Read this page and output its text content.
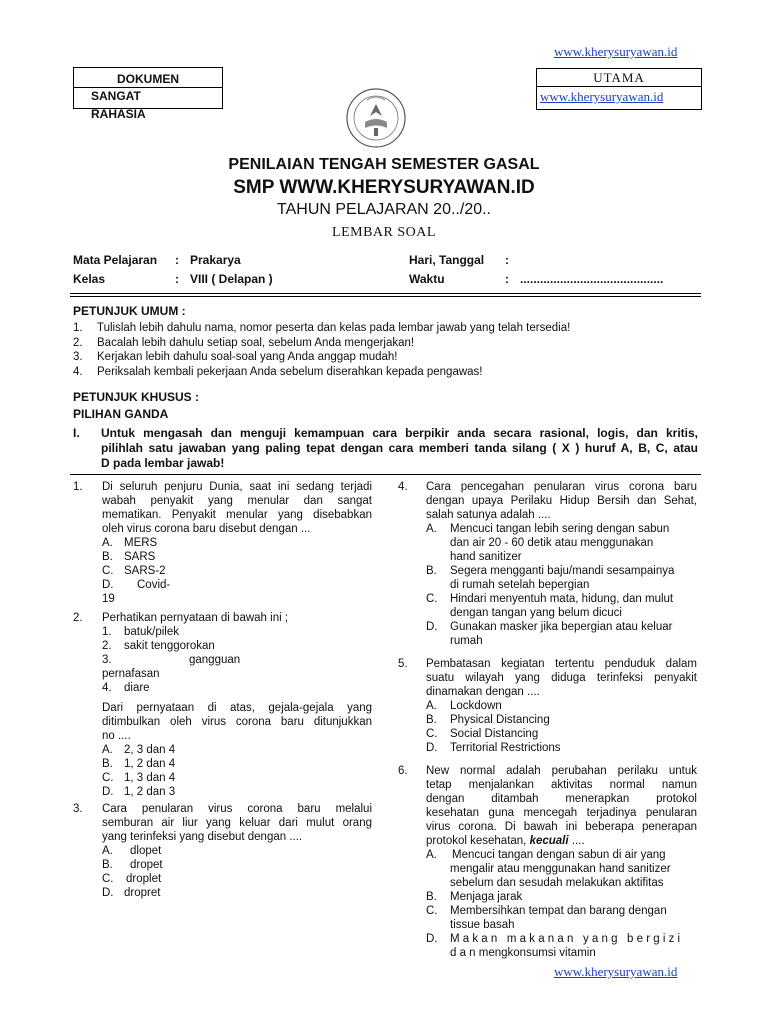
www.kherysuryawan.id
DOKUMEN
SANGAT
RAHASIA
UTAMA
www.kherysuryawan.id
PENILAIAN TENGAH SEMESTER GASAL
SMP WWW.KHERYSURYAWAN.ID
TAHUN PELAJARAN 20../20..
LEMBAR SOAL
Mata Pelajaran : Prakarya
Kelas	: VIII ( Delapan )
Hari, Tanggal :
Waktu	: ...........................................
PETUNJUK UMUM :
1. Tulislah lebih dahulu nama, nomor peserta dan kelas pada lembar jawab yang telah tersedia!
2. Bacalah lebih dahulu setiap soal, sebelum Anda mengerjakan!
3. Kerjakan lebih dahulu soal-soal yang Anda anggap mudah!
4. Periksalah kembali pekerjaan Anda sebelum diserahkan kepada pengawas!
PETUNJUK KHUSUS :
PILIHAN GANDA
I. Untuk mengasah dan menguji kemampuan cara berpikir anda secara rasional, logis, dan kritis,
pilihlah satu jawaban yang paling tepat dengan cara memberi tanda silang ( X ) huruf A, B, C, atau
D pada lembar jawab!
1. Di seluruh penjuru Dunia, saat ini sedang terjadi
wabah penyakit yang menular dan sangat
mematikan. Penyakit menular yang disebabkan
oleh virus corona baru disebut dengan ...
A. MERS
B. SARS
C. SARS-2
D. Covid-
19
2. Perhatikan pernyataan di bawah ini ;
1. batuk/pilek
2. sakit tenggorokan
3.	gangguan
pernafasan
4. diare
Dari pernyataan di atas, gejala-gejala yang
ditimbulkan oleh virus corona baru ditunjukkan
no ....
A. 2, 3 dan 4
B. 1, 2 dan 4
C. 1, 3 dan 4
D. 1, 2 dan 3
3. Cara penularan virus corona baru melalui
semburan air liur yang keluar dari mulut orang
yang terinfeksi yang disebut dengan ....
A. dlopet
B. dropet
C. droplet
D. dropret
4. Cara pencegahan penularan virus corona baru
dengan upaya Perilaku Hidup Bersih dan Sehat,
salah satunya adalah ....
A. Mencuci tangan lebih sering dengan sabun
dan air 20 - 60 detik atau menggunakan
hand sanitizer
B. Segera mengganti baju/mandi sesampainya
di rumah setelah bepergian
C. Hindari menyentuh mata, hidung, dan mulut
dengan tangan yang belum dicuci
D. Gunakan masker jika bepergian atau keluar
rumah
5. Pembatasan kegiatan tertentu penduduk dalam
suatu wilayah yang diduga terinfeksi penyakit
dinamakan dengan ....
A. Lockdown
B. Physical Distancing
C. Social Distancing
D. Territorial Restrictions
6. New normal adalah perubahan perilaku untuk
tetap menjalankan aktivitas normal namun
dengan ditambah menerapkan protokol
kesehatan guna mencegah terjadinya penularan
virus corona. Di bawah ini beberapa penerapan
protokol kesehatan, kecuali ....
A. Mencuci tangan dengan sabun di air yang
mengalir atau menggunakan hand sanitizer
sebelum dan sesudah melakukan aktifitas
B. Menjaga jarak
C. Membersihkan tempat dan barang dengan
tissue basah
D. M a k a n   m a k a n a n   y a n g   b e r g i z i
d a n mengkonsumsi vitamin
www.kherysuryawan.id
